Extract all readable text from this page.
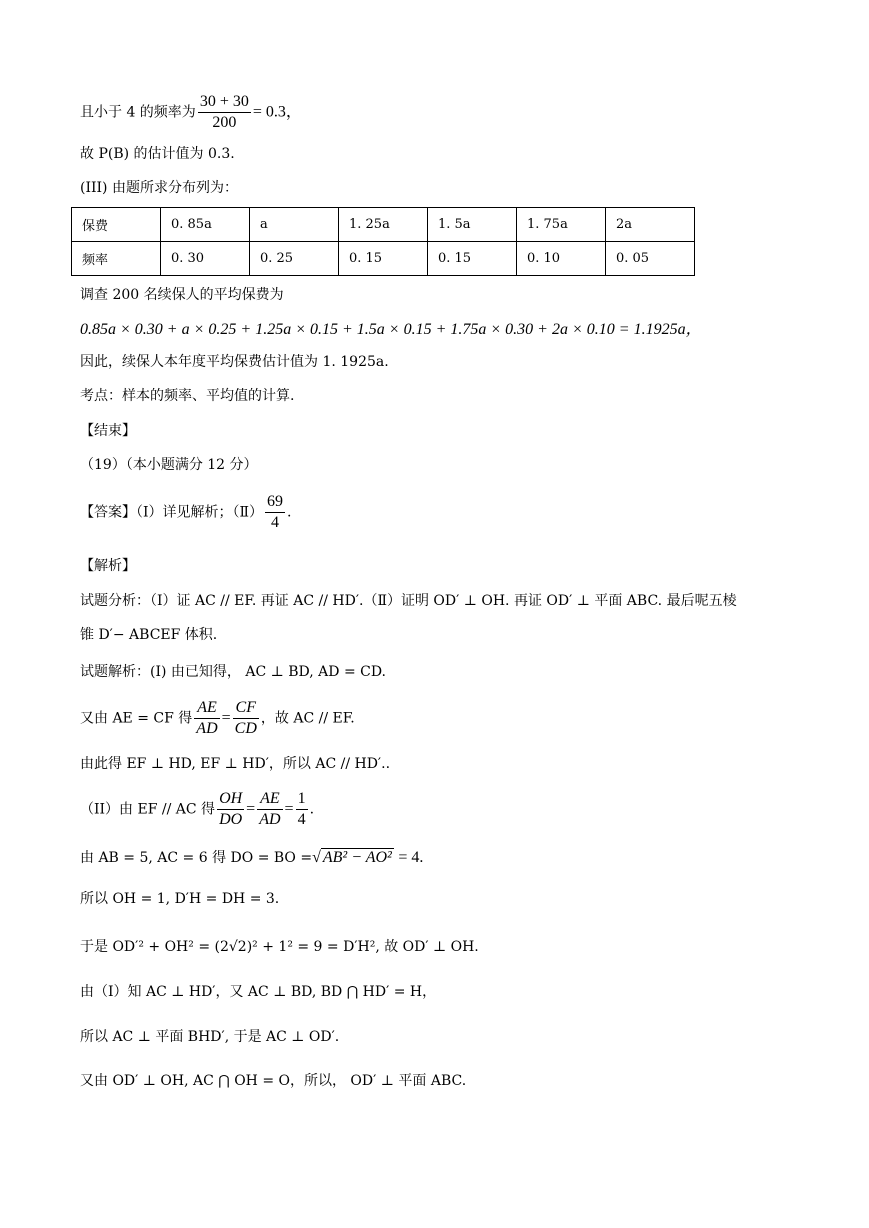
且小于 4 的频率为 $\frac{30 + 30}{200} = 0.3$，
故 P(B) 的估计值为 0.3.
(III) 由题所求分布列为：
保费	0. 85a	a	1. 25a	1. 5a	1. 75a	2a
频率	0. 30	0. 25	0. 15	0. 15	0. 10	0. 05
调查 200 名续保人的平均保费为
0.85a × 0.30 + a × 0.25 + 1.25a × 0.15 + 1.5a × 0.15 + 1.75a × 0.30 + 2a × 0.10 = 1.1925a，
因此，续保人本年度平均保费估计值为 1. 1925a.
考点：样本的频率、平均值的计算.
【结束】
（19）（本小题满分 12 分）
【答案】（Ⅰ）详见解析；（Ⅱ） $\frac{69}{4}$ .
【解析】
试题分析：（Ⅰ）证 AC // EF. 再证 AC // HD′.（Ⅱ）证明 OD′ ⊥ OH. 再证 OD′ ⊥ 平面 ABC. 最后呢五棱
锥 D′− ABCEF 体积.
试题解析：(I) 由已知得， AC ⊥ BD, AD = CD.
又由 AE = CF 得 $\frac{AE}{AD} = \frac{CF}{CD}$ ，故 AC // EF.
由此得 EF ⊥ HD, EF ⊥ HD′，所以 AC // HD′..
（II）由 EF // AC 得 $\frac{OH}{DO} = \frac{AE}{AD} = \frac{1}{4}$ .
由 AB = 5, AC = 6 得 DO = BO =√ AB² − AO² = 4.
所以 OH = 1, D′H = DH = 3.
于是 OD′² + OH² = (2√2)² + 1² = 9 = D′H², 故 OD′ ⊥ OH.
由（I）知 AC ⊥ HD′，又 AC ⊥ BD, BD ⋂ HD′ = H，
所以 AC ⊥ 平面 BHD′, 于是 AC ⊥ OD′.
又由 OD′ ⊥ OH, AC ⋂ OH = O，所以， OD′ ⊥ 平面 ABC.
